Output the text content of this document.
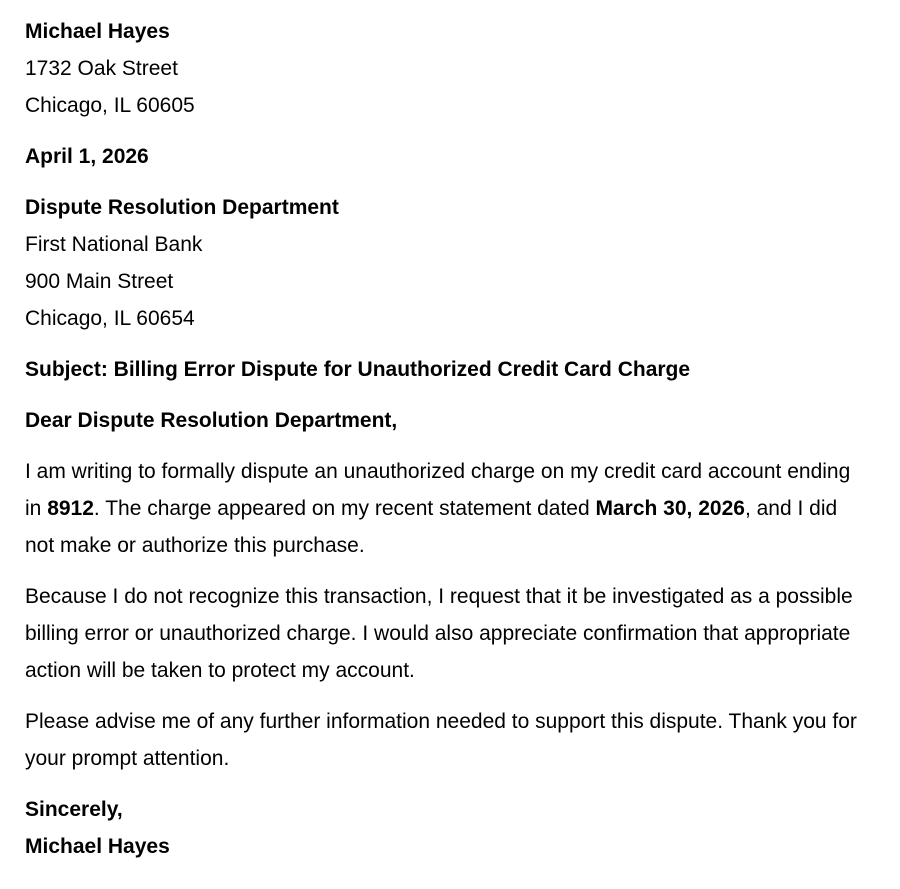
Michael Hayes

1732 Oak Street

Chicago, IL 60605

April 1, 2026

Dispute Resolution Department

First National Bank

900 Main Street

Chicago, IL 60654

Subject: Billing Error Dispute for Unauthorized Credit Card Charge

Dear Dispute Resolution Department,

I am writing to formally dispute an unauthorized charge on my credit card account ending in 8912. The charge appeared on my recent statement dated March 30, 2026, and I did not make or authorize this purchase.

Because I do not recognize this transaction, I request that it be investigated as a possible billing error or unauthorized charge. I would also appreciate confirmation that appropriate action will be taken to protect my account.

Please advise me of any further information needed to support this dispute. Thank you for your prompt attention.

Sincerely,

Michael Hayes
